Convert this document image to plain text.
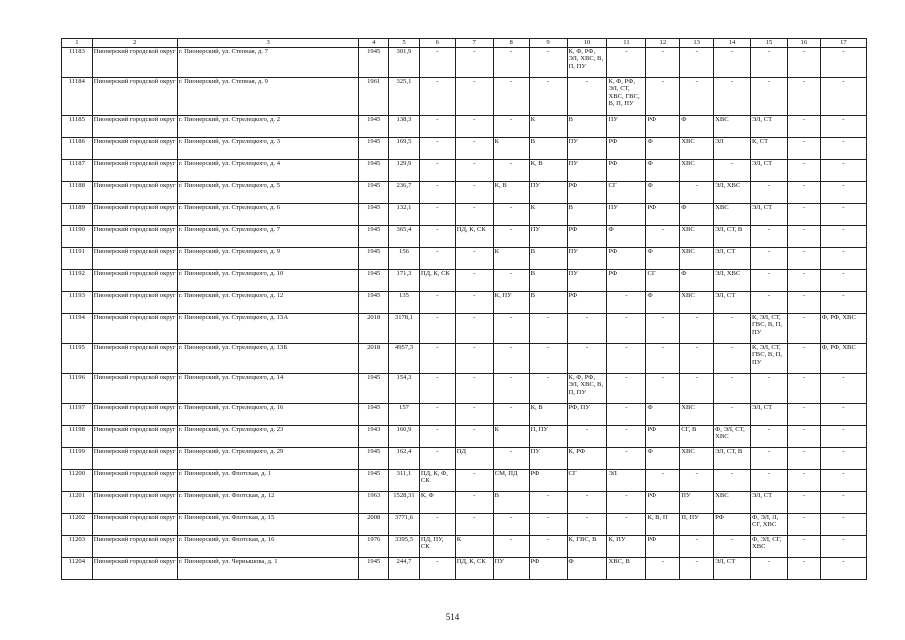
1	2	3	4	5	6	7	8	9	10	11	12	13	14	15	16	17
11183	Пионерский городской округ	г. Пионерский, ул. Степная, д. 7	1945	301,9	-	-	-	-	К, Ф, РФ, ЭЛ, ХВС, В, П, ПУ	-	-	-	-	-	-	-
11184	Пионерский городской округ	г. Пионерский, ул. Степная, д. 9	1961	325,1	-	-	-	-	-	К, Ф, РФ, ЭЛ, СТ, ХВС, ГВС, В, П, ПУ	-	-	-	-	-	-
11185	Пионерский городской округ	г. Пионерский, ул. Стрелецкого, д. 2	1945	138,3	-	-	-	К	В	ПУ	РФ	Ф	ХВС	ЭЛ, СТ	-	-
11186	Пионерский городской округ	г. Пионерский, ул. Стрелецкого, д. 3	1945	169,5	-	-	К	В	ПУ	РФ	Ф	ХВС	ЭЛ	К, СТ	-	-
11187	Пионерский городской округ	г. Пионерский, ул. Стрелецкого, д. 4	1945	129,9	-	-	-	К, В	ПУ	РФ	Ф	ХВС	-	ЭЛ, СТ	-	-
11188	Пионерский городской округ	г. Пионерский, ул. Стрелецкого, д. 5	1945	236,7	-	-	К, В	ПУ	РФ	СГ	Ф	-	ЭЛ, ХВС	-	-	-
11189	Пионерский городской округ	г. Пионерский, ул. Стрелецкого, д. 6	1945	132,1	-	-	-	К	В	ПУ	РФ	Ф	ХВС	ЭЛ, СТ	-	-
11190	Пионерский городской округ	г. Пионерский, ул. Стрелецкого, д. 7	1945	365,4	-	ПД, К, СК	-	ПУ	РФ	Ф	-	ХВС	ЭЛ, СТ, В	-	-	-
11191	Пионерский городской округ	г. Пионерский, ул. Стрелецкого, д. 9	1945	156	-	-	К	В	ПУ	РФ	Ф	ХВС	ЭЛ, СТ	-	-	-
11192	Пионерский городской округ	г. Пионерский, ул. Стрелецкого, д. 10	1945	171,3	ПД, К, СК	-	-	В	ПУ	РФ	СГ	Ф	ЭЛ, ХВС	-	-	-
11193	Пионерский городской округ	г. Пионерский, ул. Стрелецкого, д. 12	1945	135	-	-	К, ПУ	В	РФ	-	Ф	ХВС	ЭЛ, СТ	-	-	-
11194	Пионерский городской округ	г. Пионерский, ул. Стрелецкого, д. 13А	2018	3178,1	-	-	-	-	-	-	-	-	-	К, ЭЛ, СТ, ГВС, В, П, ПУ	-	Ф, РФ, ХВС
11195	Пионерский городской округ	г. Пионерский, ул. Стрелецкого, д. 13Б	2018	4957,3	-	-	-	-	-	-	-	-	-	К, ЭЛ, СТ, ГВС, В, П, ПУ	-	Ф, РФ, ХВС
11196	Пионерский городской округ	г. Пионерский, ул. Стрелецкого, д. 14	1945	154,3	-	-	-	-	К, Ф, РФ, ЭЛ, ХВС, В, П, ПУ	-	-	-	-	-	-	-
11197	Пионерский городской округ	г. Пионерский, ул. Стрелецкого, д. 16	1945	157	-	-	-	К, В	РФ, ПУ	-	Ф	ХВС	-	ЭЛ, СТ	-	-
11198	Пионерский городской округ	г. Пионерский, ул. Стрелецкого, д. 23	1943	160,9	-	-	К	П, ПУ	-	-	РФ	СГ, В	Ф, ЭЛ, СТ, ХВС	-	-	-
11199	Пионерский городской округ	г. Пионерский, ул. Стрелецкого, д. 29	1945	162,4	-	ПД	-	ПУ	К, РФ	-	Ф	ХВС	ЭЛ, СТ, В	-	-	-
11200	Пионерский городской округ	г. Пионерский, ул. Флотская, д. 1	1945	311,1	ПД, К, Ф, СК	-	СМ, ПД	РФ	СГ	ЭЛ	-	-	-	-	-	-
11201	Пионерский городской округ	г. Пионерский, ул. Флотская, д. 12	1963	1528,31	К, Ф	-	В	-	-	-	РФ	ПУ	ХВС	ЭЛ, СТ	-	-
11202	Пионерский городской округ	г. Пионерский, ул. Флотская, д. 15	2008	3771,6	-	-	-	-	-	-	К, В, П	П, ПУ	РФ	Ф, ЭЛ, Л, СГ, ХВС	-	-
11203	Пионерский городской округ	г. Пионерский, ул. Флотская, д. 16	1976	3395,5	ПД, ПУ, СК	К	-	-	К, ГВС, В	К, ПУ	РФ	-	-	Ф, ЭЛ, СГ, ХВС	-	-
11204	Пионерский городской округ	г. Пионерский, ул. Чернышова, д. 1	1945	244,7	-	ПД, К, СК	ПУ	РФ	Ф	ХВС, В	-	-	ЭЛ, СТ	-	-	-
514
